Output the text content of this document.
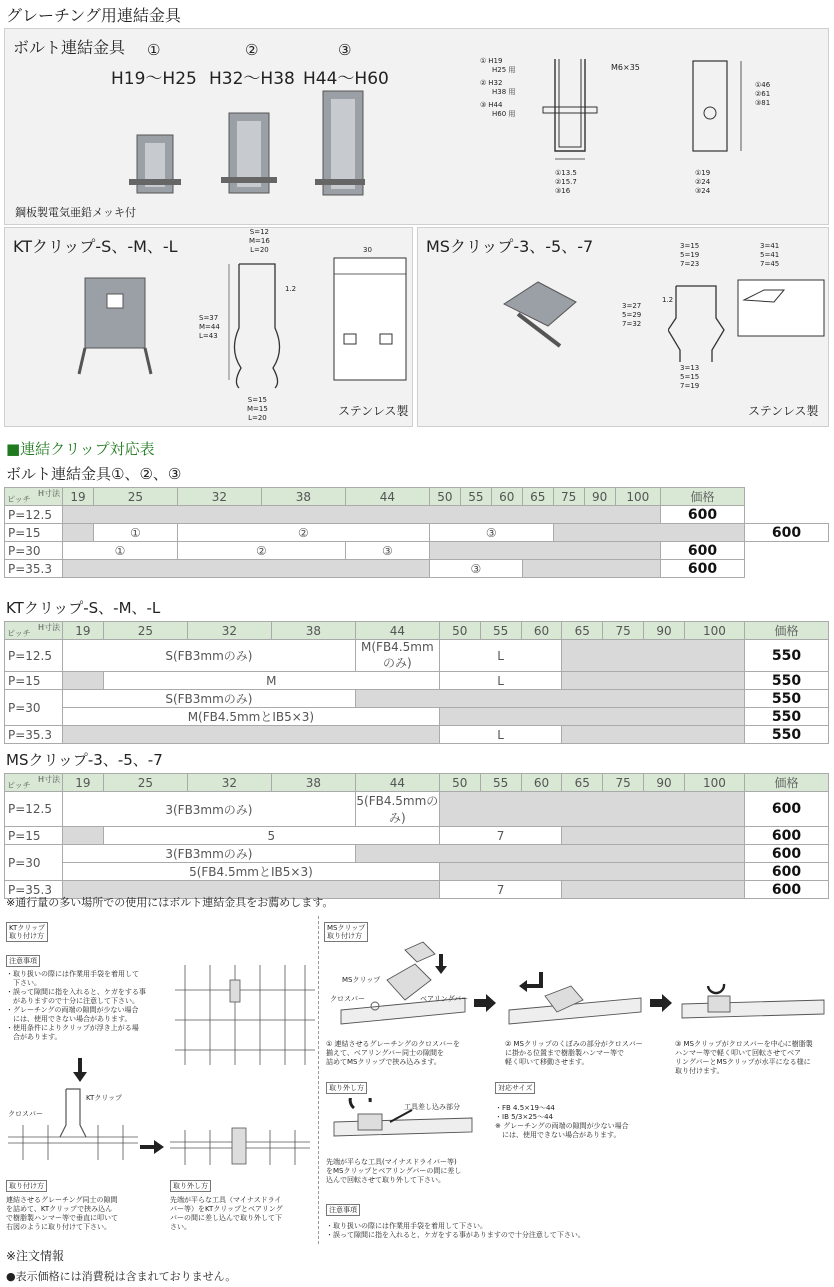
グレーチング用連結金具
ボルト連結金具 ①	②	③
H19〜H25 H32〜H38 H44〜H60
鋼板製電気亜鉛メッキ付
① H19
H25 用
② H32
H38 用
③ H44
H60 用
M6×35
①13.5
②15.7
③16
①46
②61
③81
①19
②24
③24
KTクリップ-S、-M、-L
S=12
M=16
L=20
1.2
S=37
M=44
L=43
S=15
M=15
L=20
30
ステンレス製
MSクリップ-3、-5、-7	3=15
5=19
7=23
1.2
3=27
5=29
7=32
3=13
5=15
7=19
3=41
5=41
7=45
ステンレス製
■連結クリップ対応表
ボルト連結金具①、②、③
H寸法
ピッチ	19	25	32	38	44	50	55	60	65	75	90	100	価格	
P=12.5													600	
P=15		①	②			③								600
P=30	①		②		③								600	
P=35.3						③							600	
KTクリップ-S、-M、-L
H寸法
ピッチ	19	25	32	38	44	50	55	60	65	75	90	100	価格
P=12.5	S(FB3mmのみ)				M(FB4.5mmのみ)	L							550
P=15		M				L							550
P=30	S(FB3mmのみ)												550
	M(FB4.5mmとIB5×3)												550
P=35.3						L							550
MSクリップ-3、-5、-7
H寸法
ピッチ	19	25	32	38	44	50	55	60	65	75	90	100	価格
P=12.5	3(FB3mmのみ)				5(FB4.5mmのみ)								600
P=15		5				7							600
P=30	3(FB3mmのみ)												600
	5(FB4.5mmとIB5×3)												600
P=35.3						7							600
※通行量の多い場所での使用にはボルト連結金具をお薦めします。
KTクリップ
取り付け方
注意事項
・取り扱いの際には作業用手袋を着用して
　下さい。
・誤って隙間に指を入れると、ケガをする事
　がありますので十分に注意して下さい。
・グレーチングの両端の隙間が少ない場合
　には、使用できない場合があります。
・使用条件によりクリップが浮き上がる場
　合があります。
クロスバー
KTクリップ
取り付け方
連結させるグレーチング同士の隙間
を詰めて、KTクリップで挟み込ん
で樹脂製ハンマー等で垂直に叩いて
右図のように取り付けて下さい。
取り外し方
先端が平らな工具（マイナスドライ
バー等）をKTクリップとベアリング
バーの間に差し込んで取り外して下
さい。
MSクリップ
取り付け方
MSクリップ
クロスバー	ベアリングバー
① 連結させるグレーチングのクロスバーを
揃えて、ベアリングバー同士の隙間を
詰めてMSクリップで挟み込みます。
② MSクリップのくぼみの部分がクロスバー
に掛かる位置まで樹脂製ハンマー等で
軽く叩いて移動させます。
③ MSクリップがクロスバーを中心に樹脂製
ハンマー等で軽く叩いて回転させてベア
リングバーとMSクリップが水平になる様に
取り付けます。
取り外し方
工具差し込み部分
先端が平らな工具(マイナスドライバー等)
をMSクリップとベアリングバーの間に差し
込んで回転させて取り外して下さい。
対応サイズ
・FB 4.5×19〜44
・IB 5/3×25〜44
※ グレーチングの両端の隙間が少ない場合
　には、使用できない場合があります。
注意事項
・取り扱いの際には作業用手袋を着用して下さい。
・誤って隙間に指を入れると、ケガをする事がありますので十分注意して下さい。
※注文情報
●表示価格には消費税は含まれておりません。
